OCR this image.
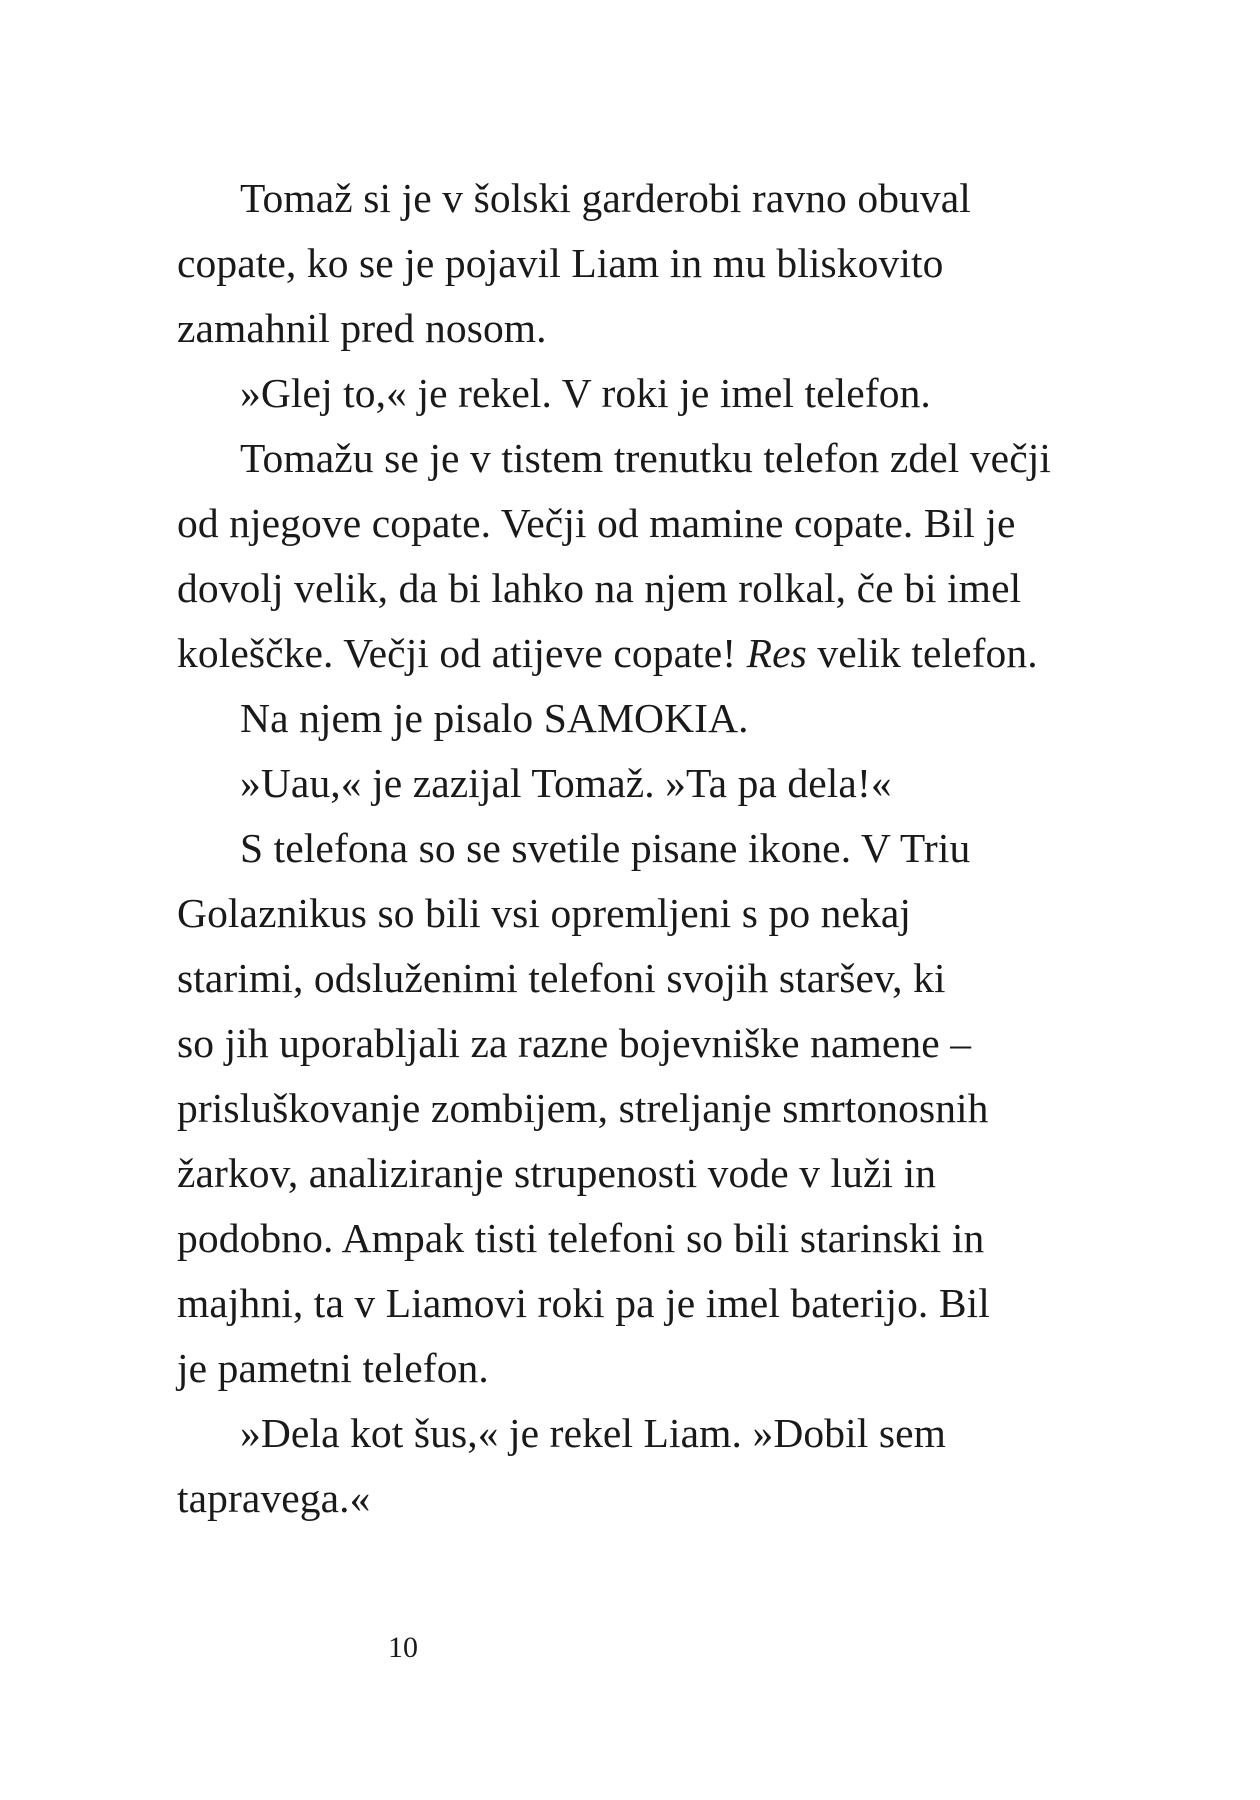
Tomaž si je v šolski garderobi ravno obuval
copate, ko se je pojavil Liam in mu bliskovito
zamahnil pred nosom.
»Glej to,« je rekel. V roki je imel telefon.
Tomažu se je v tistem trenutku telefon zdel večji
od njegove copate. Večji od mamine copate. Bil je
dovolj velik, da bi lahko na njem rolkal, če bi imel
koleščke. Večji od atijeve copate! Res velik telefon.
Na njem je pisalo SAMOKIA.
»Uau,« je zazijal Tomaž. »Ta pa dela!«
S telefona so se svetile pisane ikone. V Triu
Golaznikus so bili vsi opremljeni s po nekaj
starimi, odsluženimi telefoni svojih staršev, ki
so jih uporabljali za razne bojevniške namene –
prisluškovanje zombijem, streljanje smrtonosnih
žarkov, analiziranje strupenosti vode v luži in
podobno. Ampak tisti telefoni so bili starinski in
majhni, ta v Liamovi roki pa je imel baterijo. Bil
je pametni telefon.
»Dela kot šus,« je rekel Liam. »Dobil sem
tapravega.«
10
